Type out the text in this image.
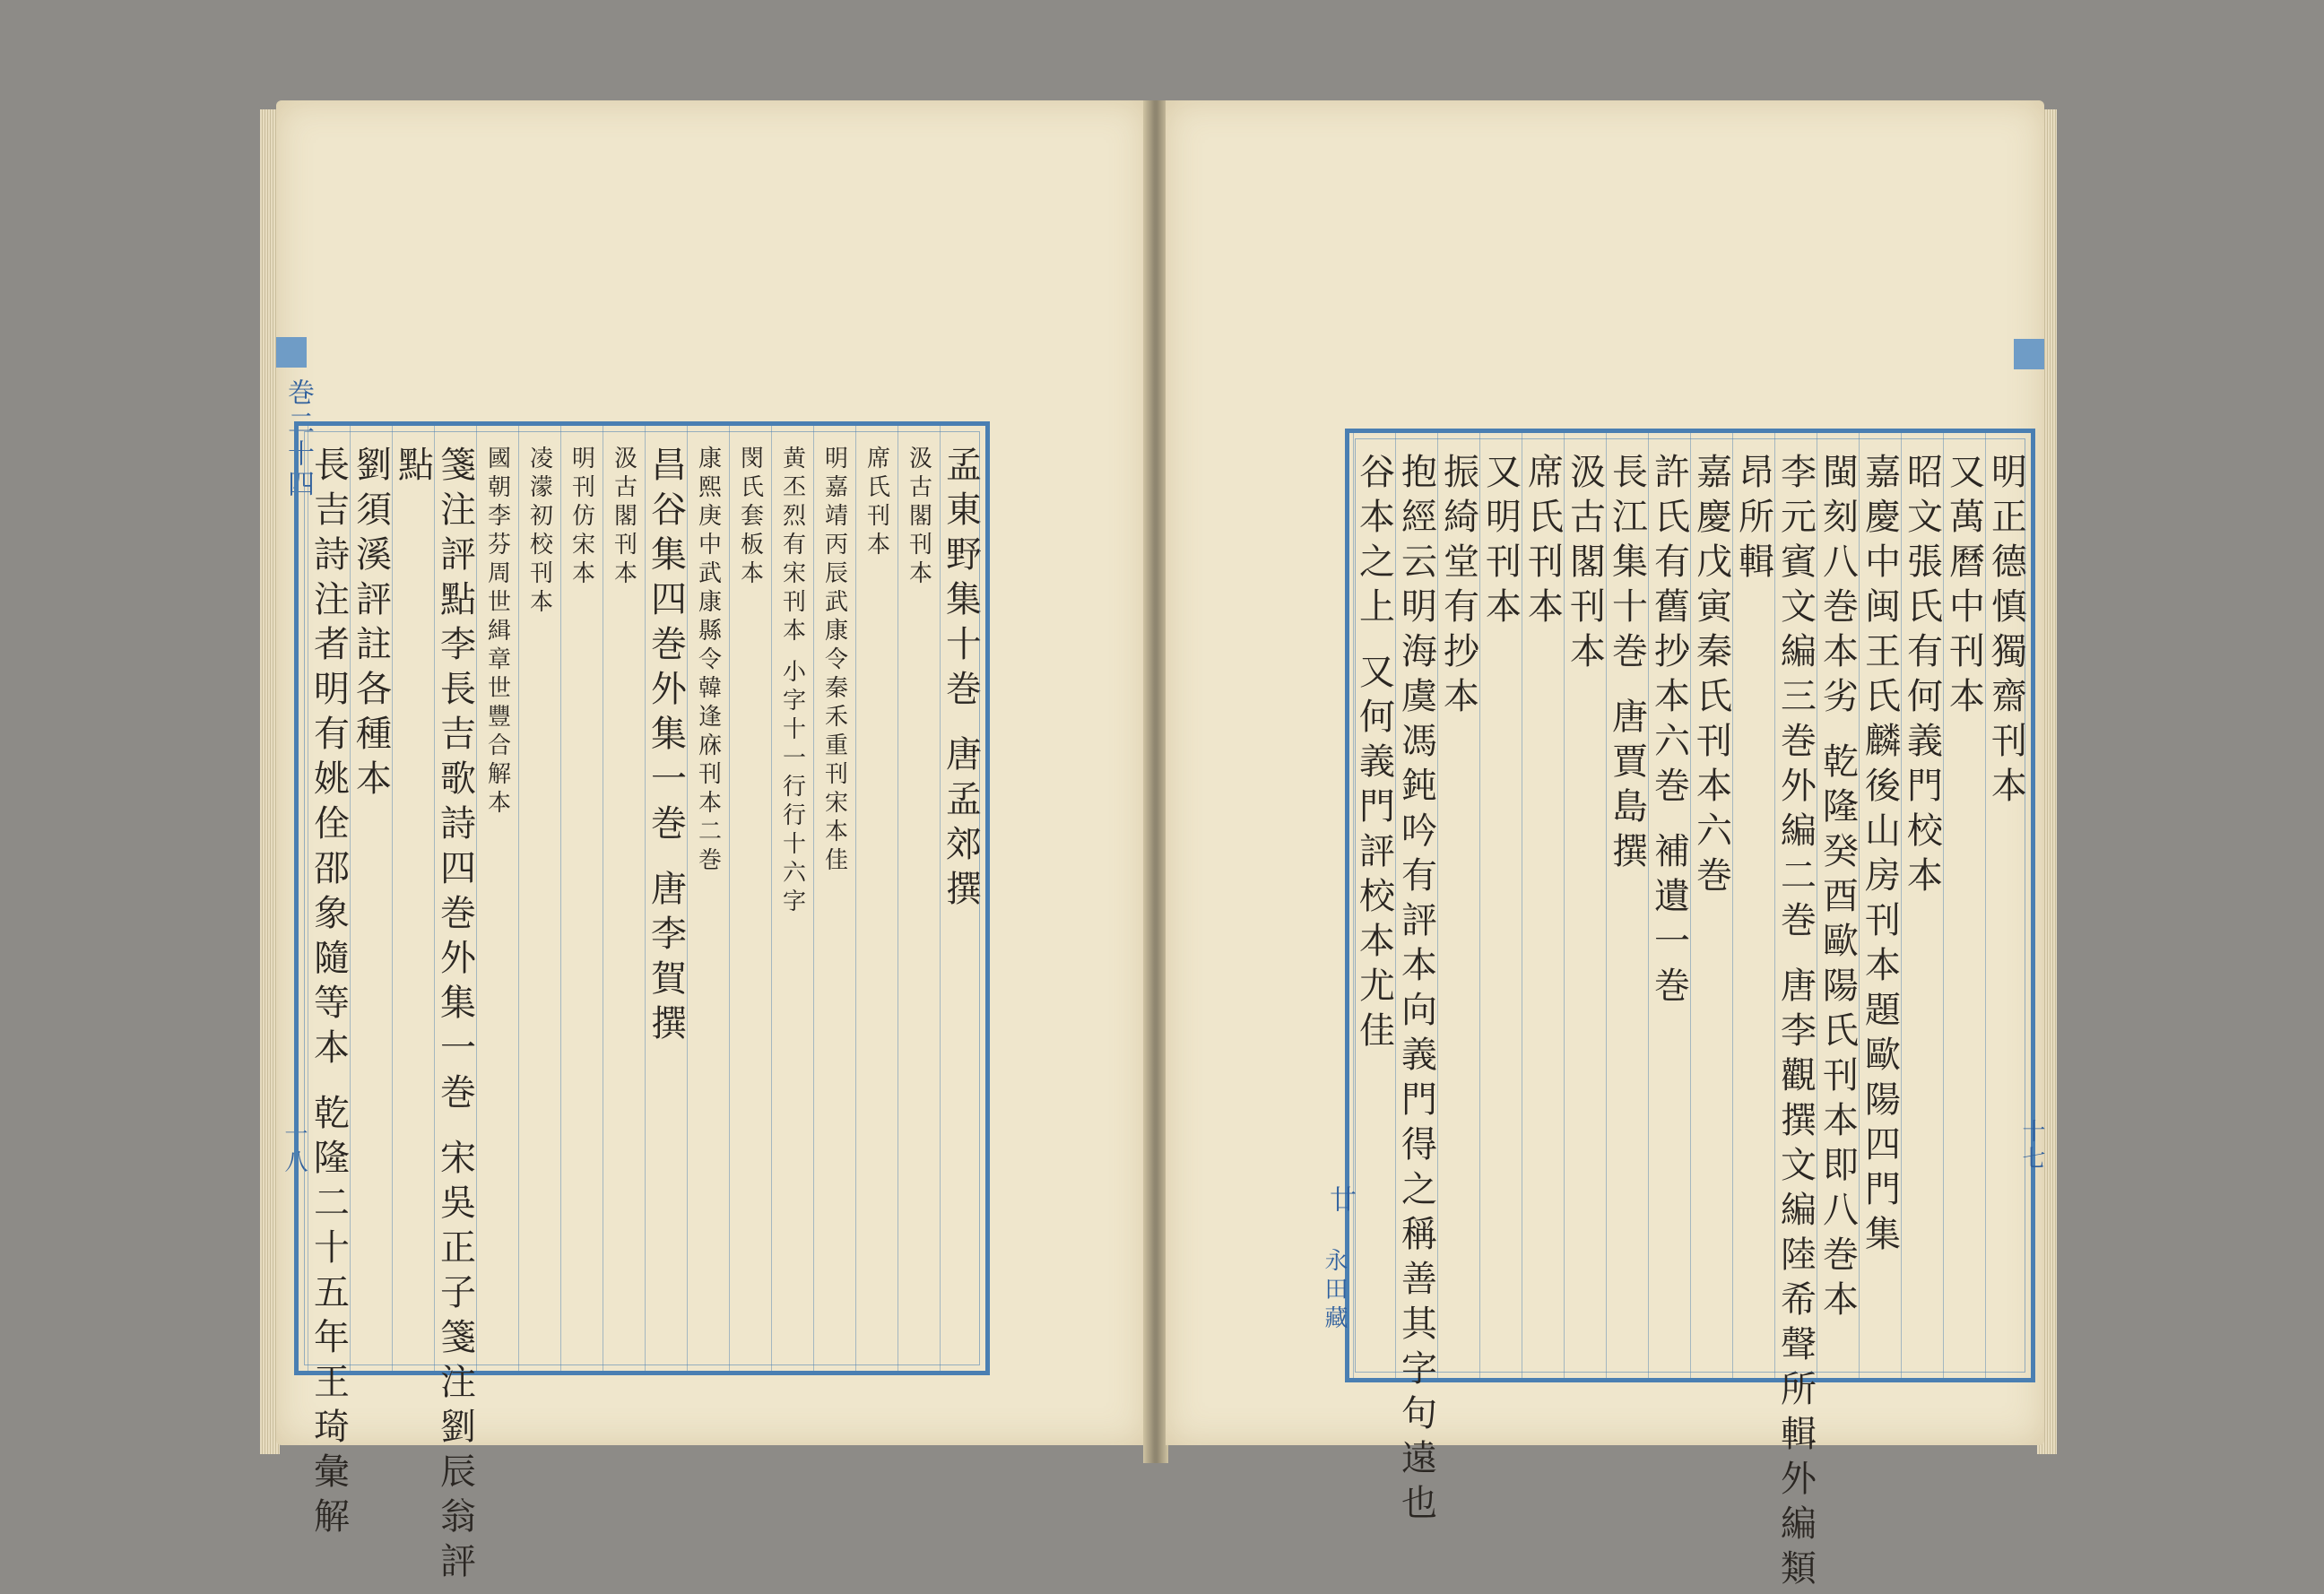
巻二十四
十八
孟東野集十巻 唐孟郊撰
汲古閣刊本
席氏刊本
明嘉靖丙辰武康令秦禾重刊宋本佳
黄丕烈有宋刊本 小字十一行行十六字
閔氏套板本
康熙庚中武康縣令韓逢庥刊本二巻
昌谷集四巻外集一巻 唐李賀撰
汲古閣刊本
明刊仿宋本
凌濛初校刊本
國朝李芬周世緝章世豐合解本
箋注評點李長吉歌詩四巻外集一巻 宋吳正子箋注劉辰翁評
點
劉須溪評註各種本
長吉詩注者明有姚佺邵象隨等本 乾隆二十五年王琦彙解	明正德慎獨齋刊本
又萬曆中刊本
昭文張氏有何義門校本
嘉慶中闽王氏麟後山房刊本題歐陽四門集
閩刻八巻本劣 乾隆癸酉歐陽氏刊本即八巻本
李元賓文編三巻外編二巻 唐李觀撰文編陸希聲所輯外編類
昂所輯
嘉慶戊寅秦氏刊本六巻
許氏有舊抄本六巻 補遺一巻
長江集十巻 唐賈島撰
汲古閣刊本
席氏刊本
又明刊本
振綺堂有抄本
抱經云明海虞馮鈍吟有評本向義門得之稱善其字句遠也
谷本之上 又何義門評校本尤佳
廿
永田藏
十七
